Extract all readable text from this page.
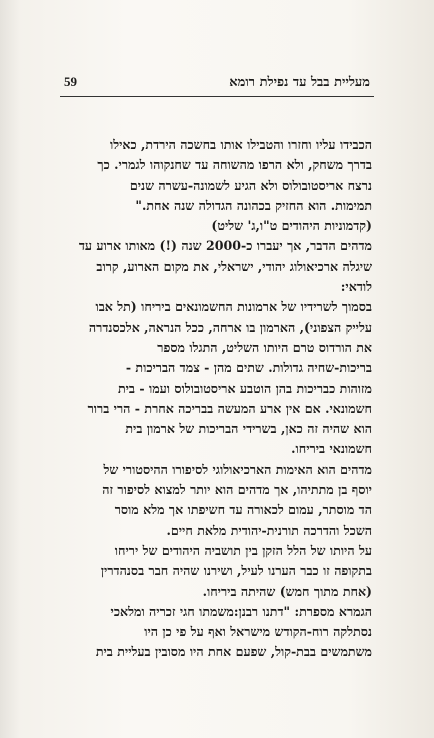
59	מעליית בבל עד נפילת רומא
הכבידו עליו וחזרו והטבילו אותו בחשכה הירדת, כאילו
בדרך משחק, ולא הרפו מהשוחה עד שחנקוהו לגמרי. כך
נרצח אריסטובולוס ולא הגיע לשמונה-עשרה שנים
תמימות. הוא החזיק בכהונה הגדולה שנה אחת."
(קדמוניות היהודים ט"ו,ג' שליט)
מדהים הדבר, אך יעברו כ-2000 שנה (!) מאותו ארוע עד
שיגלה ארכיאולוג יהודי, ישראלי, את מקום הארוע, קרוב
לודאי:
בסמוך לשרידיו של ארמונות החשמונאים ביריחו (תל אבו
עלייק הצפוני), הארמון בו ארחה, ככל הנראה, אלכסנדרה
את הורדוס טרם היותו השליט, התגלו מספר
בריכות-שחיה גדולות. שתים מהן - צמד הבריכות -
מזוהות כבריכות בהן הוטבע אריסטובולוס ועמו - בית
חשמונאי. אם אין ארע המעשה בבריכה אחרת - הרי ברור
הוא שהיה זה כאן, בשרידי הבריכות של ארמון בית
חשמונאי ביריחו.
מדהים הוא האימות הארכיאולוגי לסיפורו ההיסטורי של
יוסף בן מתתיהו, אך מדהים הוא יותר למצוא לסיפור זה
הד מוסתר, עמום לכאורה עד חשיפתו אך מלא מוסר
השכל והדרכה תורנית-יהודית מלאת חיים.
על היותו של הלל הזקן בין תושביה היהודים של יריחו
בתקופה זו כבר הערנו לעיל, ושירנו שהיה חבר בסנהדרין
(אחת מתוך חמש) שהיתה ביריחו.
הגמרא מספרת: "דתנו רבנן:משמתו חגי זכריה ומלאכי
נסתלקה רוח-הקודש מישראל ואף על פי כן היו
משתמשים בבת-קול, שפעם אחת היו מסובין בעליית בית
